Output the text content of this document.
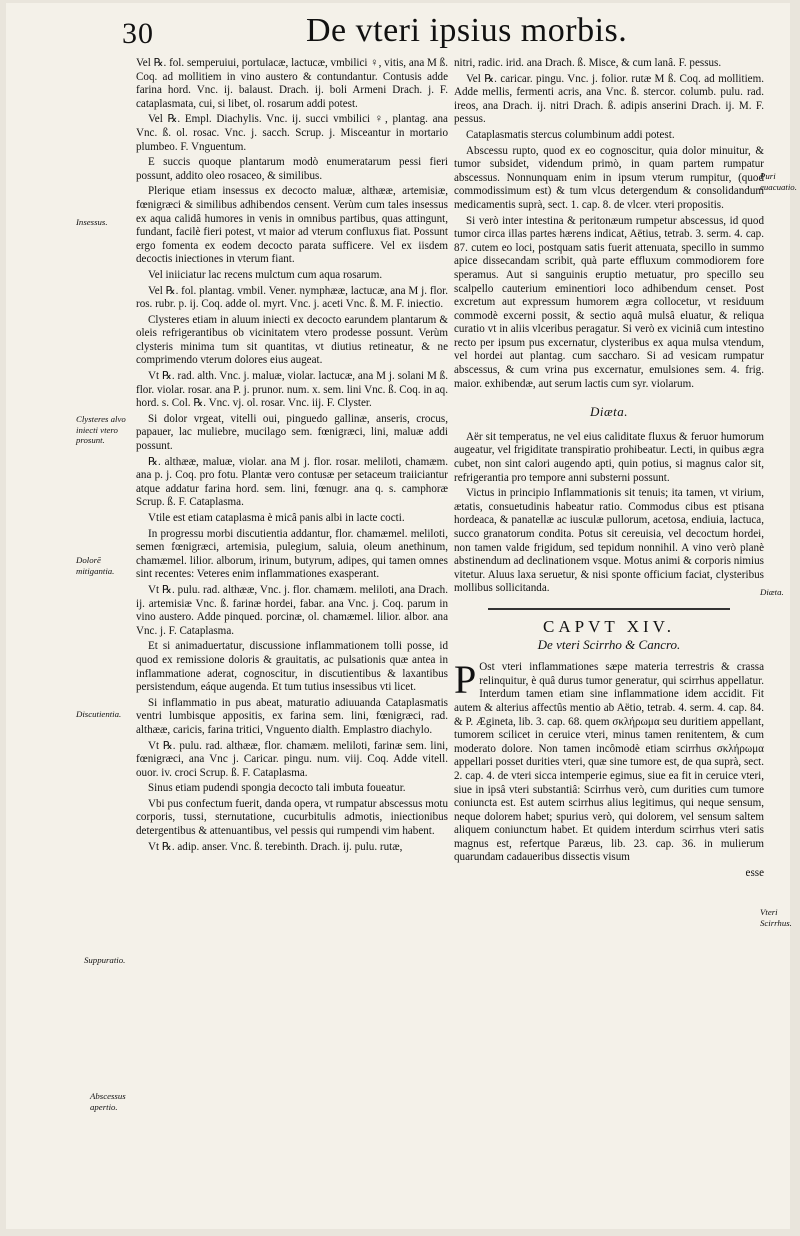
30	De vteri ipsius morbis.
Insessus.
Clysteres alvo iniecti vtero prosunt.
Dolorē mitigantia.
Discutientia.
Suppuratio.
Abscessus apertio.
Puri euacuatio.
Diæta.
Vteri Scirrhus.

Vel ℞. fol. semperuiui, portulacæ, lactucæ, vmbilici ♀, vitis, ana M ß. Coq. ad mollitiem in vino austero & contundantur. Contusis adde farina hord. Vnc. ij. balaust. Drach. ij. boli Armeni Drach. j. F. cataplasmata, cui, si libet, ol. rosarum addi potest.

Vel ℞. Empl. Diachylis. Vnc. ij. succi vmbilici ♀, plantag. ana Vnc. ß. ol. rosac. Vnc. j. sacch. Scrup. j. Misceantur in mortario plumbeo. F. Vnguentum.

E succis quoque plantarum modò enumeratarum pessi fieri possunt, addito oleo rosaceo, & similibus.

Plerique etiam insessus ex decocto maluæ, althææ, artemisiæ, fœnigræci & similibus adhibendos censent. Verùm cum tales insessus ex aqua calidâ humores in venis in omnibus partibus, quas attingunt, fundant, facilè fieri potest, vt maior ad vterum confluxus fiat. Possunt ergo fomenta ex eodem decocto parata sufficere. Vel ex iisdem decoctis iniectiones in vterum fiant.

Vel iniiciatur lac recens mulctum cum aqua rosarum.

Vel ℞. fol. plantag. vmbil. Vener. nymphææ, lactucæ, ana M j. flor. ros. rubr. p. ij. Coq. adde ol. myrt. Vnc. j. aceti Vnc. ß. M. F. iniectio.

Clysteres etiam in aluum iniecti ex decocto earundem plantarum & oleis refrigerantibus ob vicinitatem vtero prodesse possunt. Verùm clysteris minima tum sit quantitas, vt diutius retineatur, & ne comprimendo vterum dolores eius augeat.

Vt ℞. rad. alth. Vnc. j. maluæ, violar. lactucæ, ana M j. solani M ß. flor. violar. rosar. ana P. j. prunor. num. x. sem. lini Vnc. ß. Coq. in aq. hord. s. Col. ℞. Vnc. vj. ol. rosar. Vnc. iij. F. Clyster.

Si dolor vrgeat, vitelli oui, pinguedo gallinæ, anseris, crocus, papauer, lac muliebre, mucilago sem. fœnigræci, lini, maluæ addi possunt.

℞. althææ, maluæ, violar. ana M j. flor. rosar. meliloti, chamæm. ana p. j. Coq. pro fotu. Plantæ vero contusæ per setaceum traiiciantur atque addatur farina hord. sem. lini, fœnugr. ana q. s. camphoræ Scrup. ß. F. Cataplasma.

Vtile est etiam cataplasma è micâ panis albi in lacte cocti.

In progressu morbi discutientia addantur, flor. chamæmel. meliloti, semen fœnigræci, artemisia, pulegium, saluia, oleum anethinum, chamæmel. lilior. alborum, irinum, butyrum, adipes, qui tamen omnes sint recentes: Veteres enim inflammationes exasperant.

Vt ℞. pulu. rad. althææ, Vnc. j. flor. chamæm. meliloti, ana Drach. ij. artemisiæ Vnc. ß. farinæ hordei, fabar. ana Vnc. j. Coq. parum in vino austero. Adde pinqued. porcinæ, ol. chamæmel. lilior. albor. ana Vnc. j. F. Cataplasma.

Et si animaduertatur, discussione inflammationem tolli posse, id quod ex remissione doloris & grauitatis, ac pulsationis quæ antea in inflammatione aderat, cognoscitur, in discutientibus & laxantibus persistendum, eáque augenda. Et tum tutius insessibus vti licet.

Si inflammatio in pus abeat, maturatio adiuuanda Cataplasmatis ventri lumbisque appositis, ex farina sem. lini, fœnigræci, rad. althææ, caricis, farina tritici, Vnguento dialth. Emplastro diachylo.

Vt ℞. pulu. rad. althææ, flor. chamæm. meliloti, farinæ sem. lini, fœnigræci, ana Vnc j. Caricar. pingu. num. viij. Coq. Adde vitell. ouor. iv. croci Scrup. ß. F. Cataplasma.

Sinus etiam pudendi spongia decocto tali imbuta foueatur.

Vbi pus confectum fuerit, danda opera, vt rumpatur abscessus motu corporis, tussi, sternutatione, cucurbitulis admotis, iniectionibus detergentibus & attenuantibus, vel pessis qui rumpendi vim habent.

Vt ℞. adip. anser. Vnc. ß. terebinth. Drach. ij. pulu. rutæ,

nitri, radic. irid. ana Drach. ß. Misce, & cum lanâ. F. pessus.

Vel ℞. caricar. pingu. Vnc. j. folior. rutæ M ß. Coq. ad mollitiem. Adde mellis, fermenti acris, ana Vnc. ß. stercor. columb. pulu. rad. ireos, ana Drach. ij. nitri Drach. ß. adipis anserini Drach. ij. M. F. pessus.

Cataplasmatis stercus columbinum addi potest.

Abscessu rupto, quod ex eo cognoscitur, quia dolor minuitur, & tumor subsidet, videndum primò, in quam partem rumpatur abscessus. Nonnunquam enim in ipsum vterum rumpitur, (quod commodissimum est) & tum vlcus detergendum & consolidandum medicamentis suprà, sect. 1. cap. 8. de vlcer. vteri propositis.

Si verò inter intestina & peritonæum rumpetur abscessus, id quod tumor circa illas partes hærens indicat, Aëtius, tetrab. 3. serm. 4. cap. 87. cutem eo loci, postquam satis fuerit attenuata, specillo in summo apice dissecandam scribit, quà parte effluxum commodiorem fore speramus. Aut si sanguinis eruptio metuatur, pro specillo seu scalpello cauterium eminentiori loco adhibendum censet. Post excretum aut expressum humorem ægra collocetur, vt residuum commodè excerni possit, & sectio aquâ mulsâ eluatur, & reliqua curatio vt in aliis vlceribus peragatur. Si verò ex viciniâ cum intestino recto per ipsum pus excernatur, clysteribus ex aqua mulsa vtendum, vel hordei aut plantag. cum saccharo. Si ad vesicam rumpatur abscessus, & cum vrina pus excernatur, emulsiones sem. 4. frig. maior. exhibendæ, aut serum lactis cum syr. violarum.

Diæta.

Aër sit temperatus, ne vel eius caliditate fluxus & feruor humorum augeatur, vel frigiditate transpiratio prohibeatur. Lecti, in quibus ægra cubet, non sint calori augendo apti, quin potius, si magnus calor sit, refrigerantia pro tempore anni substerni possunt.

Victus in principio Inflammationis sit tenuis; ita tamen, vt virium, ætatis, consuetudinis habeatur ratio. Commodus cibus est ptisana hordeaca, & panatellæ ac iusculæ pullorum, acetosa, endiuia, lactuca, succo granatorum condita. Potus sit cereuisia, vel decoctum hordei, non tamen valde frigidum, sed tepidum nonnihil. A vino verò planè abstinendum ad declinationem vsque. Motus animi & corporis nimius vitetur. Aluus laxa seruetur, & nisi sponte officium faciat, clysteribus mollibus sollicitanda.

CAPVT XIV.
De vteri Scirrho & Cancro.

P Ost vteri inflammationes sæpe materia terrestris & crassa relinquitur, è quâ durus tumor generatur, qui scirrhus appellatur. Interdum tamen etiam sine inflammatione idem accidit. Fit autem & alterius affectûs mentio ab Aëtio, tetrab. 4. serm. 4. cap. 84. & P. Ægineta, lib. 3. cap. 68. quem σκλήρωμα seu duritiem appellant, tumorem scilicet in ceruice vteri, minus tamen renitentem, & cum moderato dolore. Non tamen incômodè etiam scirrhus σκλήρωμα appellari posset durities vteri, quæ sine tumore est, de qua suprà, sect. 2. cap. 4. de vteri sicca intemperie egimus, siue ea fit in ceruice vteri, siue in ipsâ vteri substantiâ: Scirrhus verò, cum durities cum tumore coniuncta est. Est autem scirrhus alius legitimus, qui neque sensum, neque dolorem habet; spurius verò, qui dolorem, vel sensum saltem aliquem coniunctum habet. Et quidem interdum scirrhus vteri satis magnus est, refertque Paræus, lib. 23. cap. 36. in mulierum quarundam cadaueribus dissectis visum

esse
